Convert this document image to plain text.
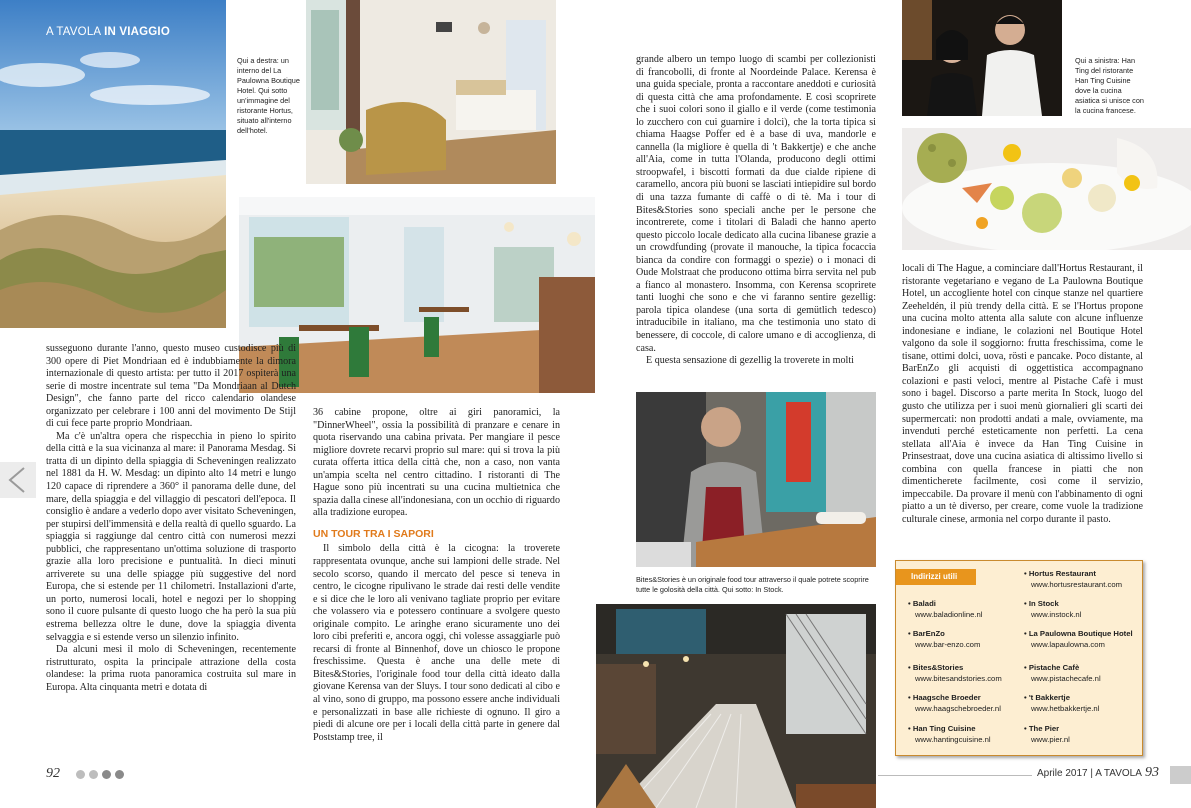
A TAVOLA IN VIAGGIO
Qui a destra: un interno del La Paulowna Boutique Hotel. Qui sotto un'immagine del ristorante Hortus, situato all'interno dell'hotel.

susseguono durante l'anno, questo museo custodisce più di 300 opere di Piet Mondriaan ed è indubbiamente la dimora internazionale di questo artista: per tutto il 2017 ospiterà una serie di mostre incentrate sul tema "Da Mondriaan al Dutch Design", che fanno parte del ricco calendario olandese organizzato per celebrare i 100 anni del movimento De Stijl di cui fece parte proprio Mondriaan.

Ma c'è un'altra opera che rispecchia in pieno lo spirito della città e la sua vicinanza al mare: il Panorama Mesdag. Si tratta di un dipinto della spiaggia di Scheveningen realizzato nel 1881 da H. W. Mesdag: un dipinto alto 14 metri e lungo 120 capace di riprendere a 360° il panorama delle dune, del mare, della spiaggia e del villaggio di pescatori dell'epoca. Il consiglio è andare a vederlo dopo aver visitato Scheveningen, per stupirsi dell'immensità e della realtà di quello sguardo. La spiaggia si raggiunge dal centro città con numerosi mezzi pubblici, che rappresentano un'ottima soluzione di trasporto grazie alla loro precisione e puntualità. In dieci minuti arriverete su una delle spiagge più suggestive del nord Europa, che si estende per 11 chilometri. Installazioni d'arte, un porto, numerosi locali, hotel e negozi per lo shopping sono il cuore pulsante di questo luogo che ha però la sua più estrema bellezza oltre le dune, dove la spiaggia diventa selvaggia e si estende verso un silenzio infinito.

Da alcuni mesi il molo di Scheveningen, recentemente ristrutturato, ospita la principale attrazione della costa olandese: la prima ruota panoramica costruita sul mare in Europa. Alta cinquanta metri e dotata di

36 cabine propone, oltre ai giri panoramici, la "DinnerWheel", ossia la possibilità di pranzare e cenare in quota riservando una cabina privata. Per mangiare il pesce migliore dovrete recarvi proprio sul mare: qui si trova la più curata offerta ittica della città che, non a caso, non vanta un'ampia scelta nel centro cittadino. I ristoranti di The Hague sono più incentrati su una cucina multietnica che spazia dalla cinese all'indonesiana, con un occhio di riguardo alla tradizione europea.

UN TOUR TRA I SAPORI

Il simbolo della città è la cicogna: la troverete rappresentata ovunque, anche sui lampioni delle strade. Nel secolo scorso, quando il mercato del pesce si teneva in centro, le cicogne ripulivano le strade dai resti delle vendite e si dice che le loro ali venivano tagliate proprio per evitare che volassero via e potessero continuare a svolgere questo originale compito. Le aringhe erano sicuramente uno dei loro cibi preferiti e, ancora oggi, chi volesse assaggiarle può recarsi di fronte al Binnenhof, dove un chiosco le propone freschissime. Questa è anche una delle mete di Bites&Stories, l'originale food tour della città ideato dalla giovane Kerensa van der Sluys. I tour sono dedicati al cibo e al vino, sono di gruppo, ma possono essere anche individuali e personalizzati in base alle richieste di ognuno. Il giro a piedi di alcune ore per i locali della città parte in genere dal Poststamp tree, il

92

grande albero un tempo luogo di scambi per collezionisti di francobolli, di fronte al Noordeinde Palace. Kerensa è una guida speciale, pronta a raccontare aneddoti e curiosità di questa città che ama profondamente. E così scoprirete che i suoi colori sono il giallo e il verde (come testimonia lo zucchero con cui guarnire i dolci), che la torta tipica si chiama Haagse Poffer ed è a base di uva, mandorle e cannella (la migliore è quella di 't Bakkertje) e che anche all'Aia, come in tutta l'Olanda, producono degli ottimi stroopwafel, i biscotti formati da due cialde ripiene di caramello, ancora più buoni se lasciati intiepidire sul bordo di una tazza fumante di caffè o di tè. Ma i tour di Bites&Stories sono speciali anche per le persone che incontrerete, come i titolari di Baladi che hanno aperto questo piccolo locale dedicato alla cucina libanese grazie a un crowdfunding (provate il manouche, la tipica focaccia bianca da condire con formaggi o spezie) o i monaci di Oude Molstraat che producono ottima birra servita nel pub a fianco al monastero. Insomma, con Kerensa scoprirete tanti luoghi che sono e che vi faranno sentire gezellig: parola tipica olandese (una sorta di gemütlich tedesco) intraducibile in italiano, ma che testimonia uno stato di benessere, di coccole, di calore umano e di accoglienza, di casa.

E questa sensazione di gezellig la troverete in molti

Bites&Stories è un originale food tour attraverso il quale potrete scoprire tutte le golosità della città. Qui sotto: In Stock.
Qui a sinistra: Han Ting del ristorante Han Ting Cuisine dove la cucina asiatica si unisce con la cucina francese.

locali di The Hague, a cominciare dall'Hortus Restaurant, il ristorante vegetariano e vegano de La Paulowna Boutique Hotel, un accogliente hotel con cinque stanze nel quartiere Zeeheldén, il più trendy della città. E se l'Hortus propone una cucina molto attenta alla salute con alcune influenze indonesiane e indiane, le colazioni nel Boutique Hotel valgono da sole il soggiorno: frutta freschissima, come le tisane, ottimi dolci, uova, rösti e pancake. Poco distante, al BarEnZo gli acquisti di oggettistica accompagnano colazioni e pasti veloci, mentre al Pistache Cafè i must sono i bagel. Discorso a parte merita In Stock, luogo del gusto che utilizza per i suoi menù giornalieri gli scarti dei supermercati: non prodotti andati a male, ovviamente, ma invenduti perché esteticamente non perfetti. La cena stellata all'Aia è invece da Han Ting Cuisine in Prinsestraat, dove una cucina asiatica di altissimo livello si combina con quella francese in piatti che non dimenticherete facilmente, così come il servizio, impeccabile. Da provare il menù con l'abbinamento di ogni piatto a un tè diverso, per creare, come vuole la tradizione culturale cinese, armonia nel corpo durante il pasto.

Indirizzi utili
• Baladi
www.baladionline.nl
• BarEnZo
www.bar-enzo.com
• Bites&Stories
www.bitesandstories.com
• Haagsche Broeder
www.haagschebroeder.nl
• Han Ting Cuisine
www.hantingcuisine.nl
• Hortus Restaurant
www.hortusrestaurant.com
• In Stock
www.instock.nl
• La Paulowna Boutique Hotel
www.lapaulowna.com
• Pistache Cafè
www.pistachecafe.nl
• 't Bakkertje
www.hetbakkertje.nl
• The Pier
www.pier.nl
Aprile 2017 | A TAVOLA 93
